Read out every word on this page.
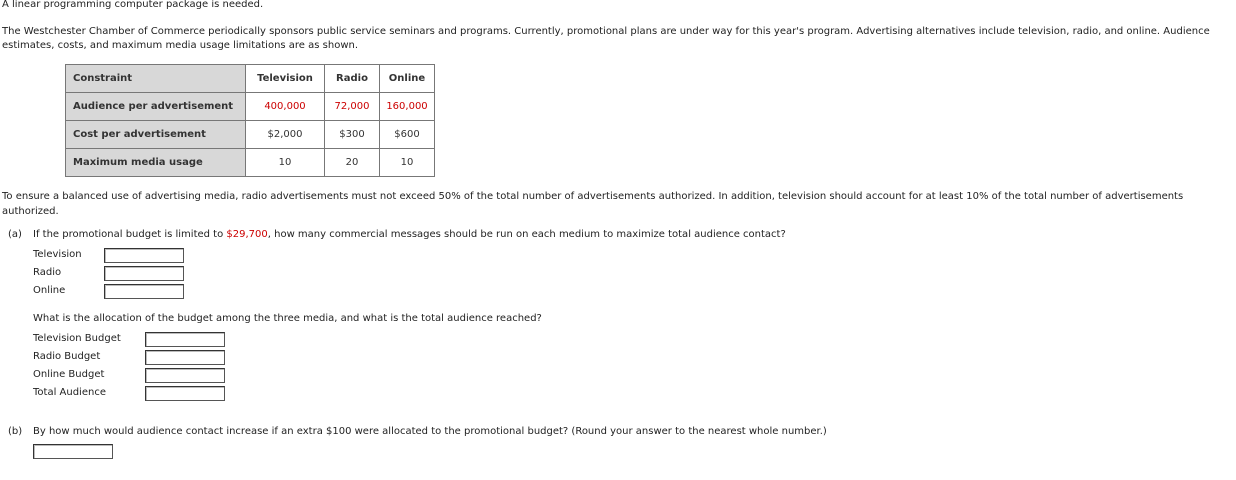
A linear programming computer package is needed.
The Westchester Chamber of Commerce periodically sponsors public service seminars and programs. Currently, promotional plans are under way for this year's program. Advertising alternatives include television, radio, and online. Audience estimates, costs, and maximum media usage limitations are as shown.
Constraint	Television	Radio	Online
Audience per advertisement	400,000	72,000	160,000
Cost per advertisement	$2,000	$300	$600
Maximum media usage	10	20	10
To ensure a balanced use of advertising media, radio advertisements must not exceed 50% of the total number of advertisements authorized. In addition, television should account for at least 10% of the total number of advertisements authorized.
(a) If the promotional budget is limited to $29,700, how many commercial messages should be run on each medium to maximize total audience contact?
Television
Radio
Online
What is the allocation of the budget among the three media, and what is the total audience reached?
Television Budget
Radio Budget
Online Budget
Total Audience
(b) By how much would audience contact increase if an extra $100 were allocated to the promotional budget? (Round your answer to the nearest whole number.)
